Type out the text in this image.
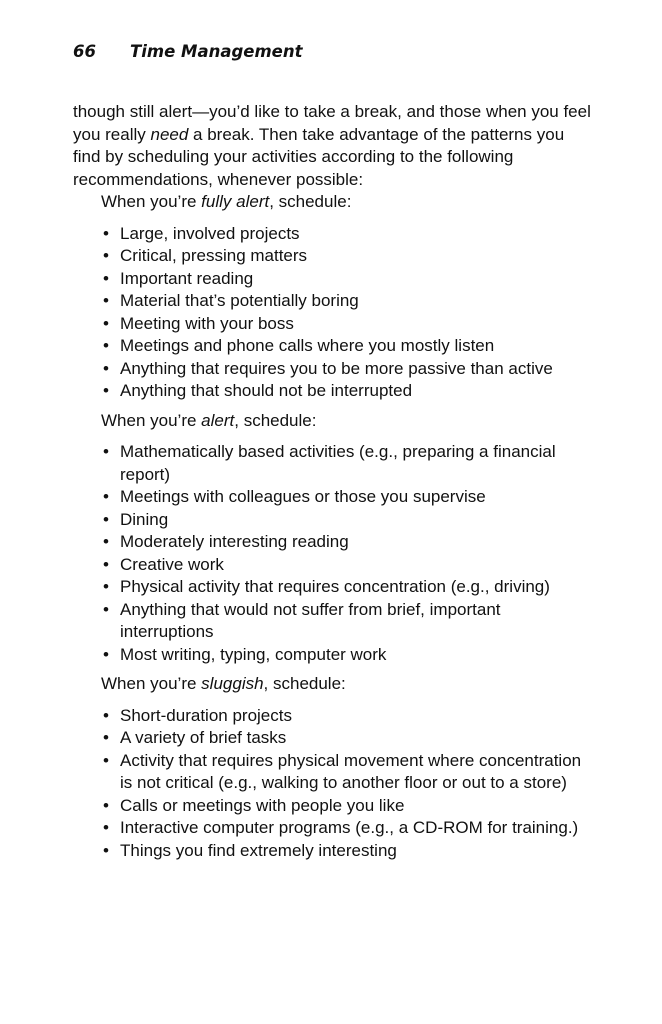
66 Time Management

though still alert—you’d like to take a break, and those when you feel you really need a break. Then take advantage of the patterns you find by scheduling your activities according to the following recommendations, whenever possible:

When you’re fully alert, schedule:

• Large, involved projects
• Critical, pressing matters
• Important reading
• Material that’s potentially boring
• Meeting with your boss
• Meetings and phone calls where you mostly listen
• Anything that requires you to be more passive than active
• Anything that should not be interrupted

When you’re alert, schedule:

• Mathematically based activities (e.g., preparing a financial report)
• Meetings with colleagues or those you supervise
• Dining
• Moderately interesting reading
• Creative work
• Physical activity that requires concentration (e.g., driving)
• Anything that would not suffer from brief, important interruptions
• Most writing, typing, computer work

When you’re sluggish, schedule:

• Short-duration projects
• A variety of brief tasks
• Activity that requires physical movement where concentration is not critical (e.g., walking to another floor or out to a store)
• Calls or meetings with people you like
• Interactive computer programs (e.g., a CD-ROM for training.)
• Things you find extremely interesting
